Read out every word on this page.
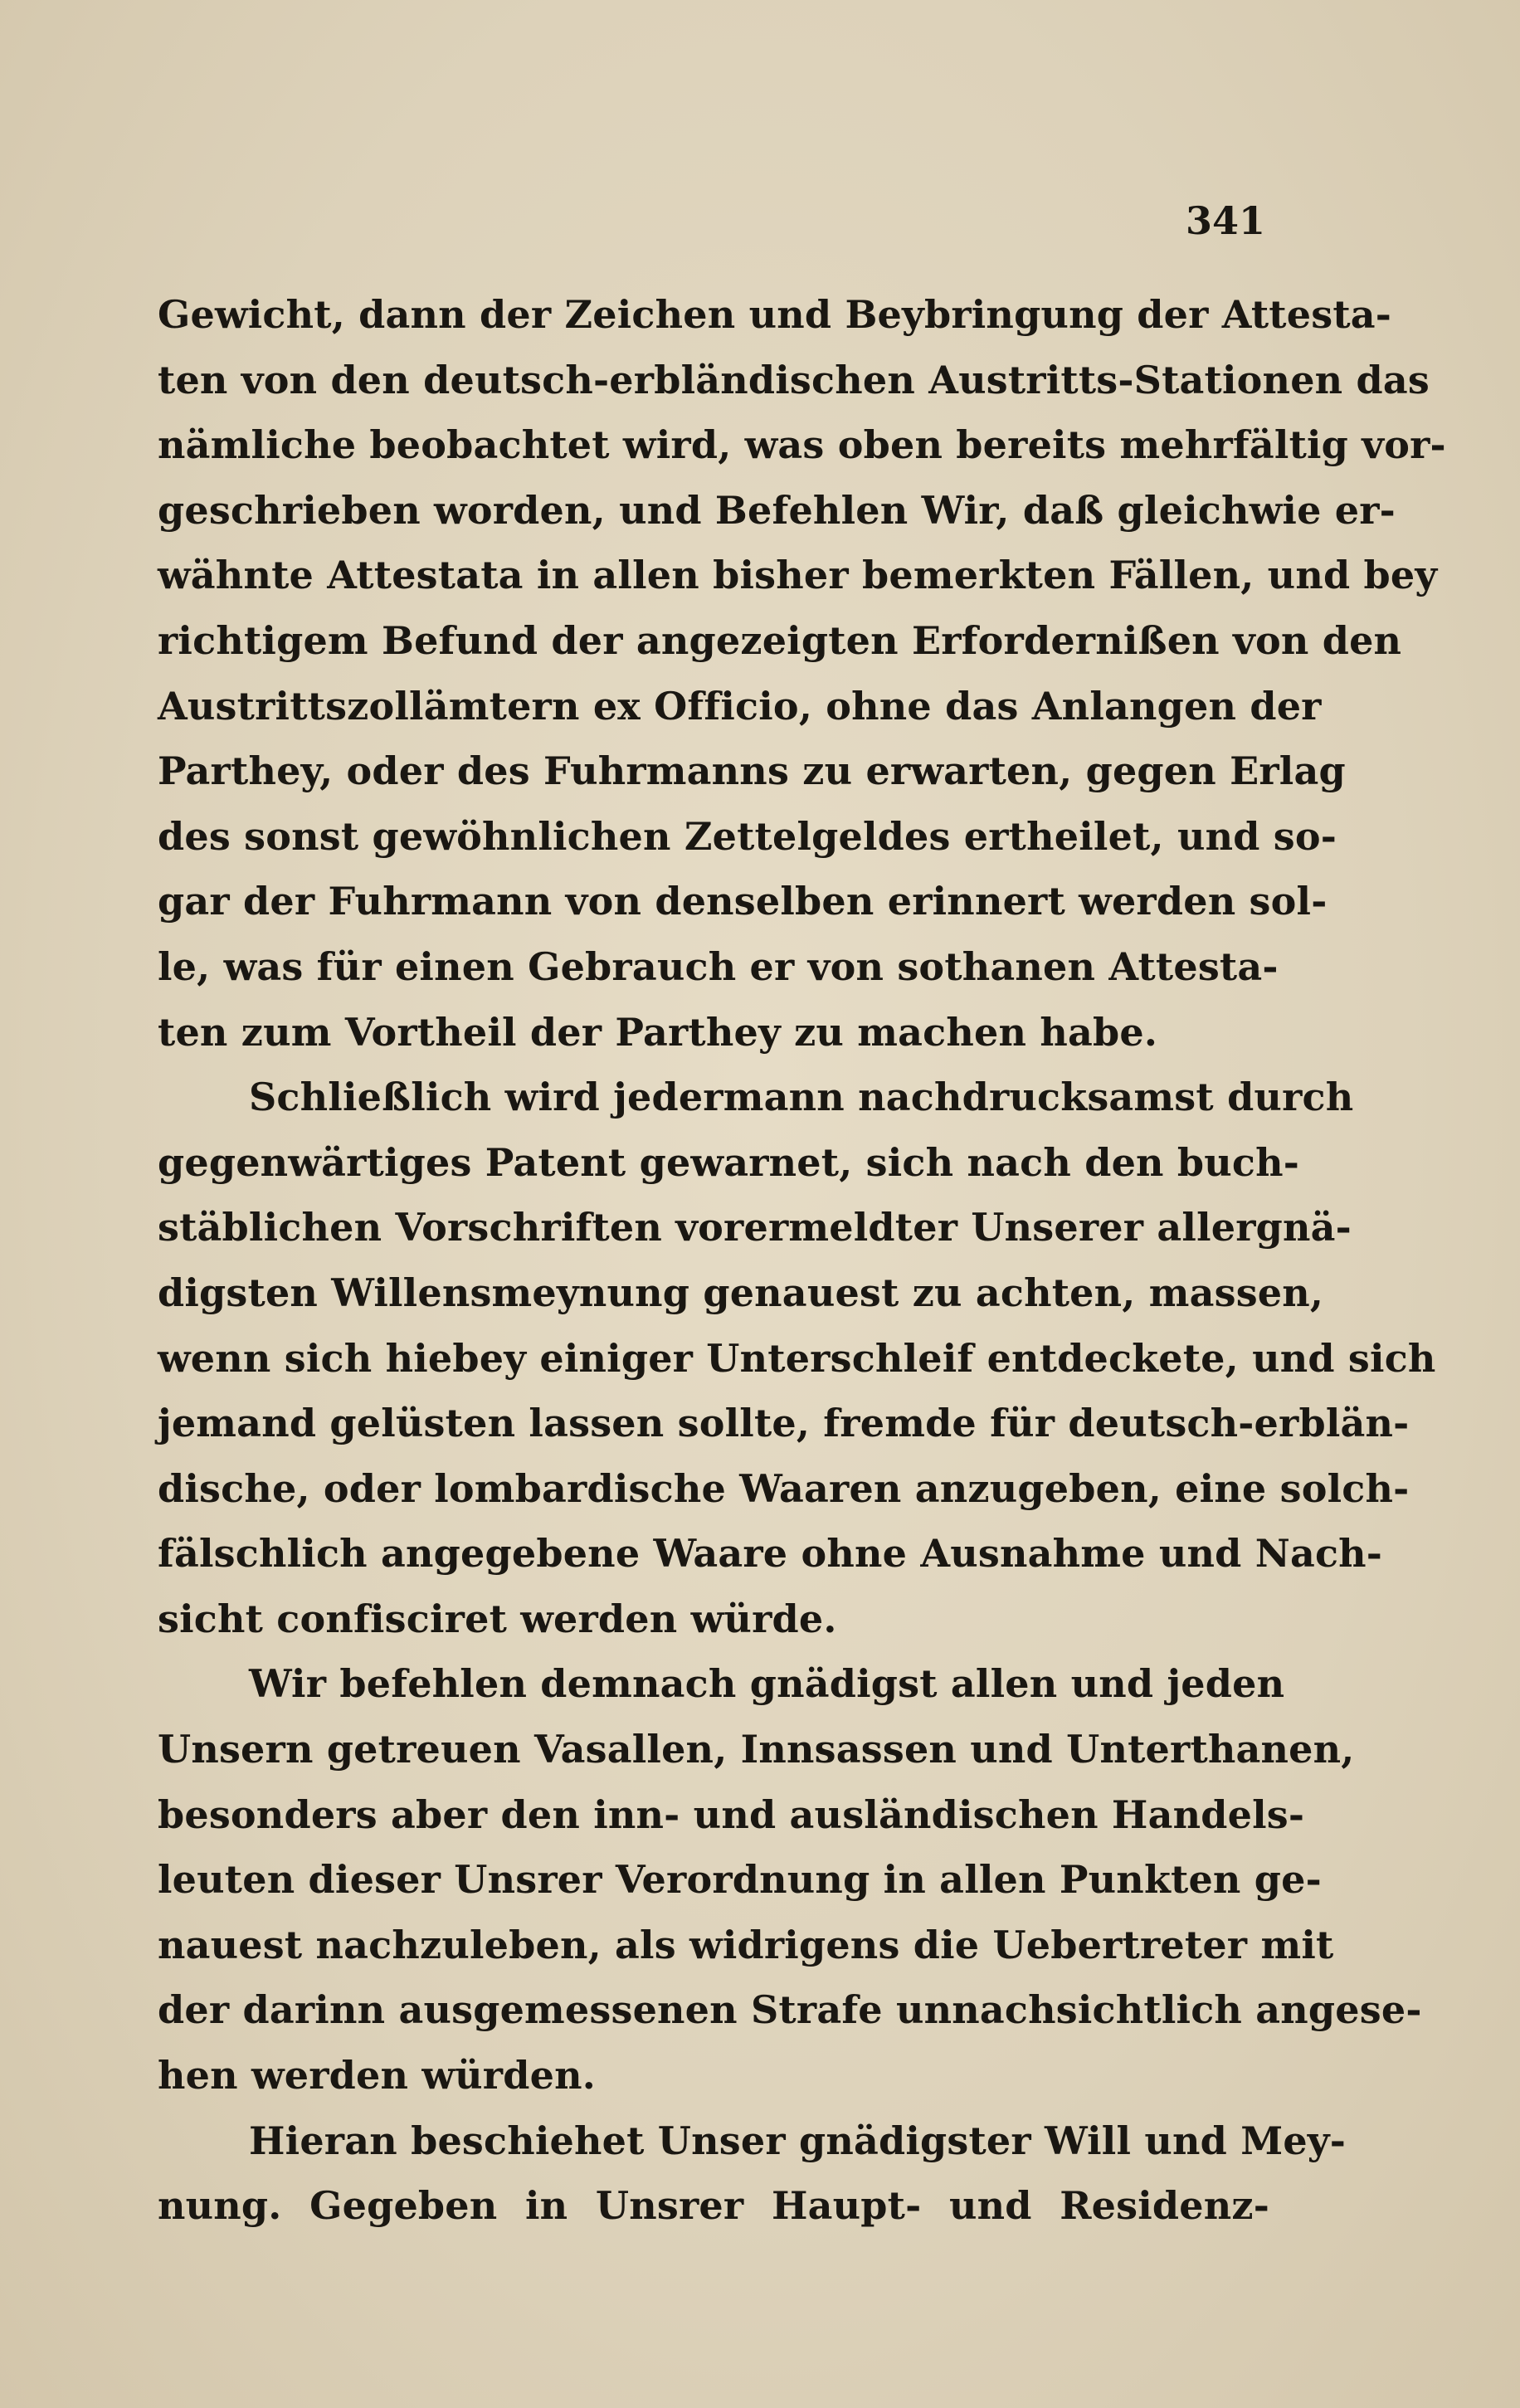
341

Gewicht, dann der Zeichen und Beybringung der Attesta-
ten von den deutsch-erbländischen Austritts-Stationen das
nämliche beobachtet wird, was oben bereits mehrfältig vor-
geschrieben worden, und Befehlen Wir, daß gleichwie er-
wähnte Attestata in allen bisher bemerkten Fällen, und bey
richtigem Befund der angezeigten Erfordernißen von den
Austrittszollämtern ex Officio, ohne das Anlangen der
Parthey, oder des Fuhrmanns zu erwarten, gegen Erlag
des sonst gewöhnlichen Zettelgeldes ertheilet, und so-
gar der Fuhrmann von denselben erinnert werden sol-
le, was für einen Gebrauch er von sothanen Attesta-
ten zum Vortheil der Parthey zu machen habe.

Schließlich wird jedermann nachdrucksamst durch
gegenwärtiges Patent gewarnet, sich nach den buch-
stäblichen Vorschriften vorermeldter Unserer allergnä-
digsten Willensmeynung genauest zu achten, massen,
wenn sich hiebey einiger Unterschleif entdeckete, und sich
jemand gelüsten lassen sollte, fremde für deutsch-erblän-
dische, oder lombardische Waaren anzugeben, eine solch-
fälschlich angegebene Waare ohne Ausnahme und Nach-
sicht confisciret werden würde.

Wir befehlen demnach gnädigst allen und jeden
Unsern getreuen Vasallen, Innsassen und Unterthanen,
besonders aber den inn- und ausländischen Handels-
leuten dieser Unsrer Verordnung in allen Punkten ge-
nauest nachzuleben, als widrigens die Uebertreter mit
der darinn ausgemessenen Strafe unnachsichtlich angese-
hen werden würden.

Hieran beschiehet Unser gnädigster Will und Mey-
nung. Gegeben in Unsrer Haupt- und Residenz-
